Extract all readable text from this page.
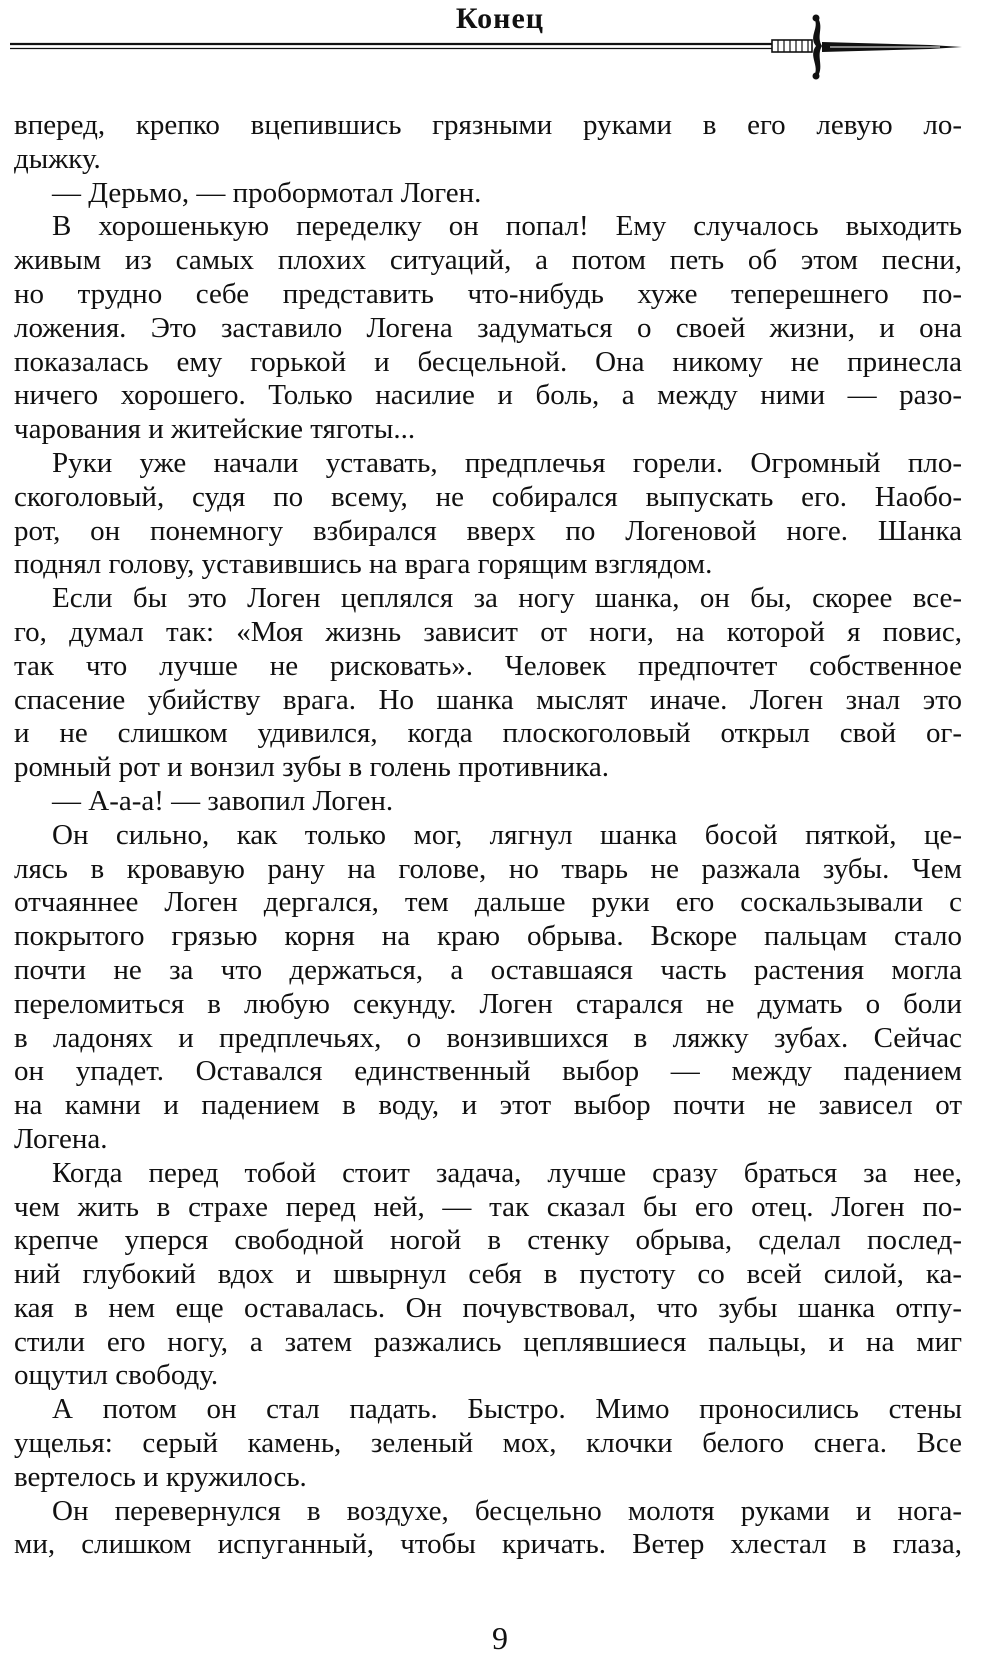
Конец
вперед, крепко вцепившись грязными руками в его левую ло-
дыжку.
— Дерьмо, — пробормотал Логен.
В хорошенькую переделку он попал! Ему случалось выходить
живым из самых плохих ситуаций, а потом петь об этом песни,
но трудно себе представить что-нибудь хуже теперешнего по-
ложения. Это заставило Логена задуматься о своей жизни, и она
показалась ему горькой и бесцельной. Она никому не принесла
ничего хорошего. Только насилие и боль, а между ними — разо-
чарования и житейские тяготы...
Руки уже начали уставать, предплечья горели. Огромный пло-
скоголовый, судя по всему, не собирался выпускать его. Наобо-
рот, он понемногу взбирался вверх по Логеновой ноге. Шанка
поднял голову, уставившись на врага горящим взглядом.
Если бы это Логен цеплялся за ногу шанка, он бы, скорее все-
го, думал так: «Моя жизнь зависит от ноги, на которой я повис,
так что лучше не рисковать». Человек предпочтет собственное
спасение убийству врага. Но шанка мыслят иначе. Логен знал это
и не слишком удивился, когда плоскоголовый открыл свой ог-
ромный рот и вонзил зубы в голень противника.
— А-а-а! — завопил Логен.
Он сильно, как только мог, лягнул шанка босой пяткой, це-
лясь в кровавую рану на голове, но тварь не разжала зубы. Чем
отчаяннее Логен дергался, тем дальше руки его соскальзывали с
покрытого грязью корня на краю обрыва. Вскоре пальцам стало
почти не за что держаться, а оставшаяся часть растения могла
переломиться в любую секунду. Логен старался не думать о боли
в ладонях и предплечьях, о вонзившихся в ляжку зубах. Сейчас
он упадет. Оставался единственный выбор — между падением
на камни и падением в воду, и этот выбор почти не зависел от
Логена.
Когда перед тобой стоит задача, лучше сразу браться за нее,
чем жить в страхе перед ней, — так сказал бы его отец. Логен по-
крепче уперся свободной ногой в стенку обрыва, сделал послед-
ний глубокий вдох и швырнул себя в пустоту со всей силой, ка-
кая в нем еще оставалась. Он почувствовал, что зубы шанка отпу-
стили его ногу, а затем разжались цеплявшиеся пальцы, и на миг
ощутил свободу.
А потом он стал падать. Быстро. Мимо проносились стены
ущелья: серый камень, зеленый мох, клочки белого снега. Все
вертелось и кружилось.
Он перевернулся в воздухе, бесцельно молотя руками и нога-
ми, слишком испуганный, чтобы кричать. Ветер хлестал в глаза,
9
